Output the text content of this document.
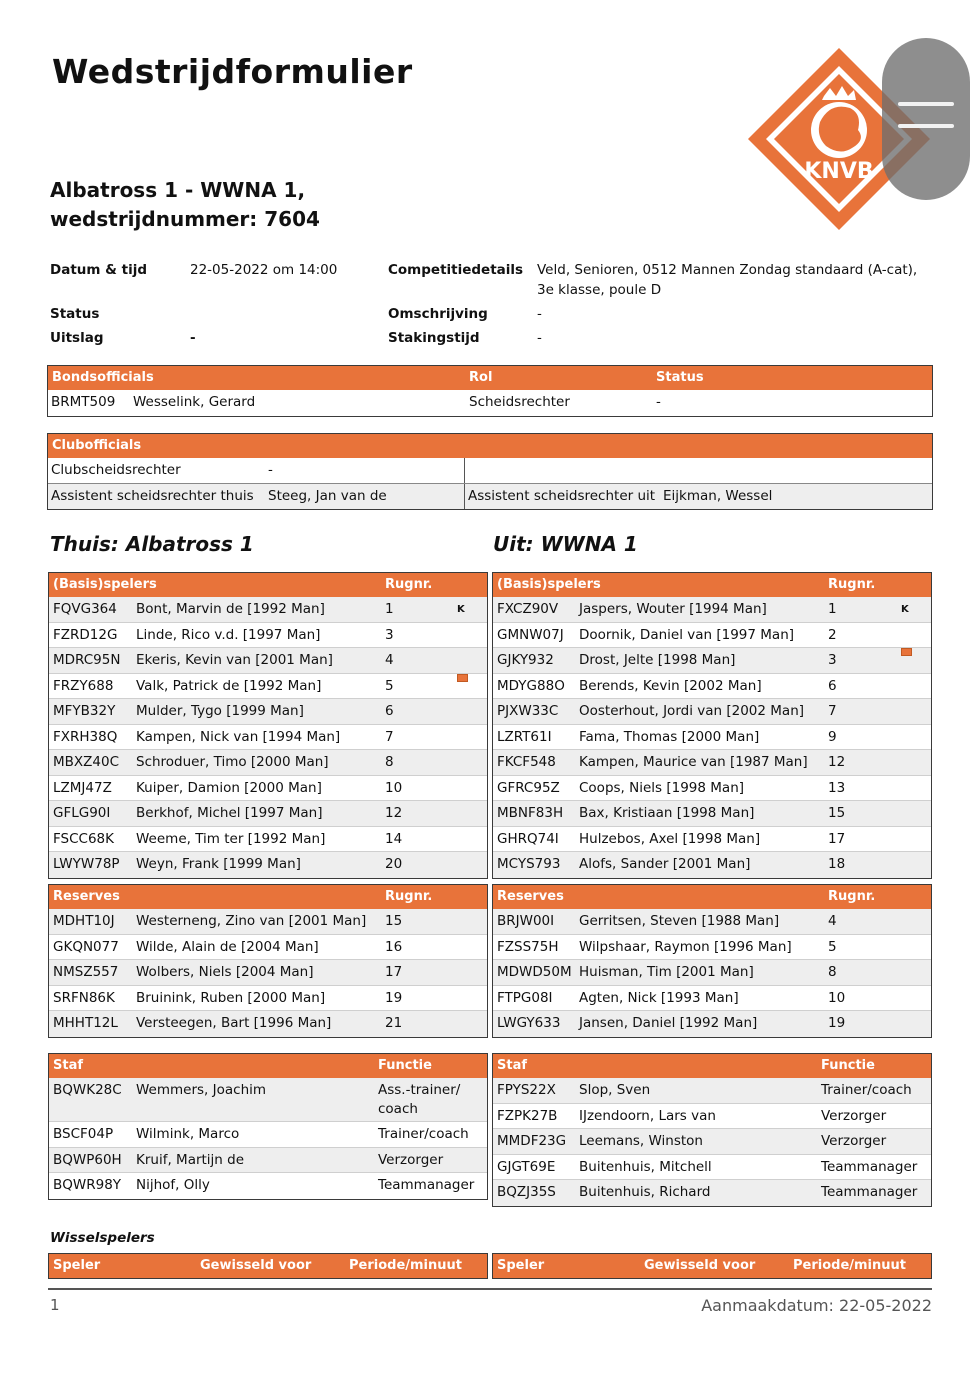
Wedstrijdformulier
Albatross 1 - WWNA 1,
wedstrijdnummer: 7604
KNVB
Datum & tijd	22-05-2022 om 14:00
Status
Uitslag	-
Competitiedetails Veld, Senioren, 0512 Mannen Zondag standaard (A-cat),
3e klasse, poule D
Omschrijving	-
Stakingstijd	-
Bondsofficials	Rol	Status
BRMT509 Wesselink, Gerard	Scheidsrechter	-
Clubofficials
Clubscheidsrechter	-
Assistent scheidsrechter thuis Steeg, Jan van de	Assistent scheidsrechter uit Eijkman, Wessel
Thuis: Albatross 1	Uit: WWNA 1
(Basis)spelers	Rugnr.
FQVG364 Bont, Marvin de [1992 Man]	1	K
FZRD12G Linde, Rico v.d. [1997 Man]	3
MDRC95N Ekeris, Kevin van [2001 Man]	4
FRZY688 Valk, Patrick de [1992 Man]	5
MFYB32Y Mulder, Tygo [1999 Man]	6
FXRH38Q Kampen, Nick van [1994 Man]	7
MBXZ40C Schroduer, Timo [2000 Man]	8
LZMJ47Z Kuiper, Damion [2000 Man]	10
GFLG90I Berkhof, Michel [1997 Man]	12
FSCC68K Weeme, Tim ter [1992 Man]	14
LWYW78P Weyn, Frank [1999 Man]	20
(Basis)spelers	Rugnr.
FXCZ90V Jaspers, Wouter [1994 Man]	1	K
GMNW07J Doornik, Daniel van [1997 Man]	2
GJKY932 Drost, Jelte [1998 Man]	3
MDYG88O Berends, Kevin [2002 Man]	6
PJXW33C Oosterhout, Jordi van [2002 Man] 7
LZRT61I Fama, Thomas [2000 Man]	9
FKCF548 Kampen, Maurice van [1987 Man] 12
GFRC95Z Coops, Niels [1998 Man]	13
MBNF83H Bax, Kristiaan [1998 Man]	15
GHRQ74I Hulzebos, Axel [1998 Man]	17
MCYS793 Alofs, Sander [2001 Man]	18
Reserves	Rugnr.
MDHT10J Westerneng, Zino van [2001 Man] 15
GKQN077 Wilde, Alain de [2004 Man]	16
NMSZ557 Wolbers, Niels [2004 Man]	17
SRFN86K Bruinink, Ruben [2000 Man]	19
MHHT12L Versteegen, Bart [1996 Man]	21
Reserves	Rugnr.
BRJW00I Gerritsen, Steven [1988 Man]	4
FZSS75H Wilpshaar, Raymon [1996 Man]	5
MDWD50M Huisman, Tim [2001 Man]	8
FTPG08I Agten, Nick [1993 Man]	10
LWGY633 Jansen, Daniel [1992 Man]	19
Staf	Functie
BQWK28C Wemmers, Joachim	Ass.-trainer/ coach
BSCF04P Wilmink, Marco	Trainer/coach
BQWP60H Kruif, Martijn de	Verzorger
BQWR98Y Nijhof, Olly	Teammanager
Staf	Functie
FPYS22X Slop, Sven	Trainer/coach
FZPK27B IJzendoorn, Lars van	Verzorger
MMDF23G Leemans, Winston	Verzorger
GJGT69E Buitenhuis, Mitchell	Teammanager
BQZJ35S Buitenhuis, Richard	Teammanager
Wisselspelers
Speler	Gewisseld voor	Periode/minuut	Speler	Gewisseld voor	Periode/minuut
1	Aanmaakdatum: 22-05-2022
